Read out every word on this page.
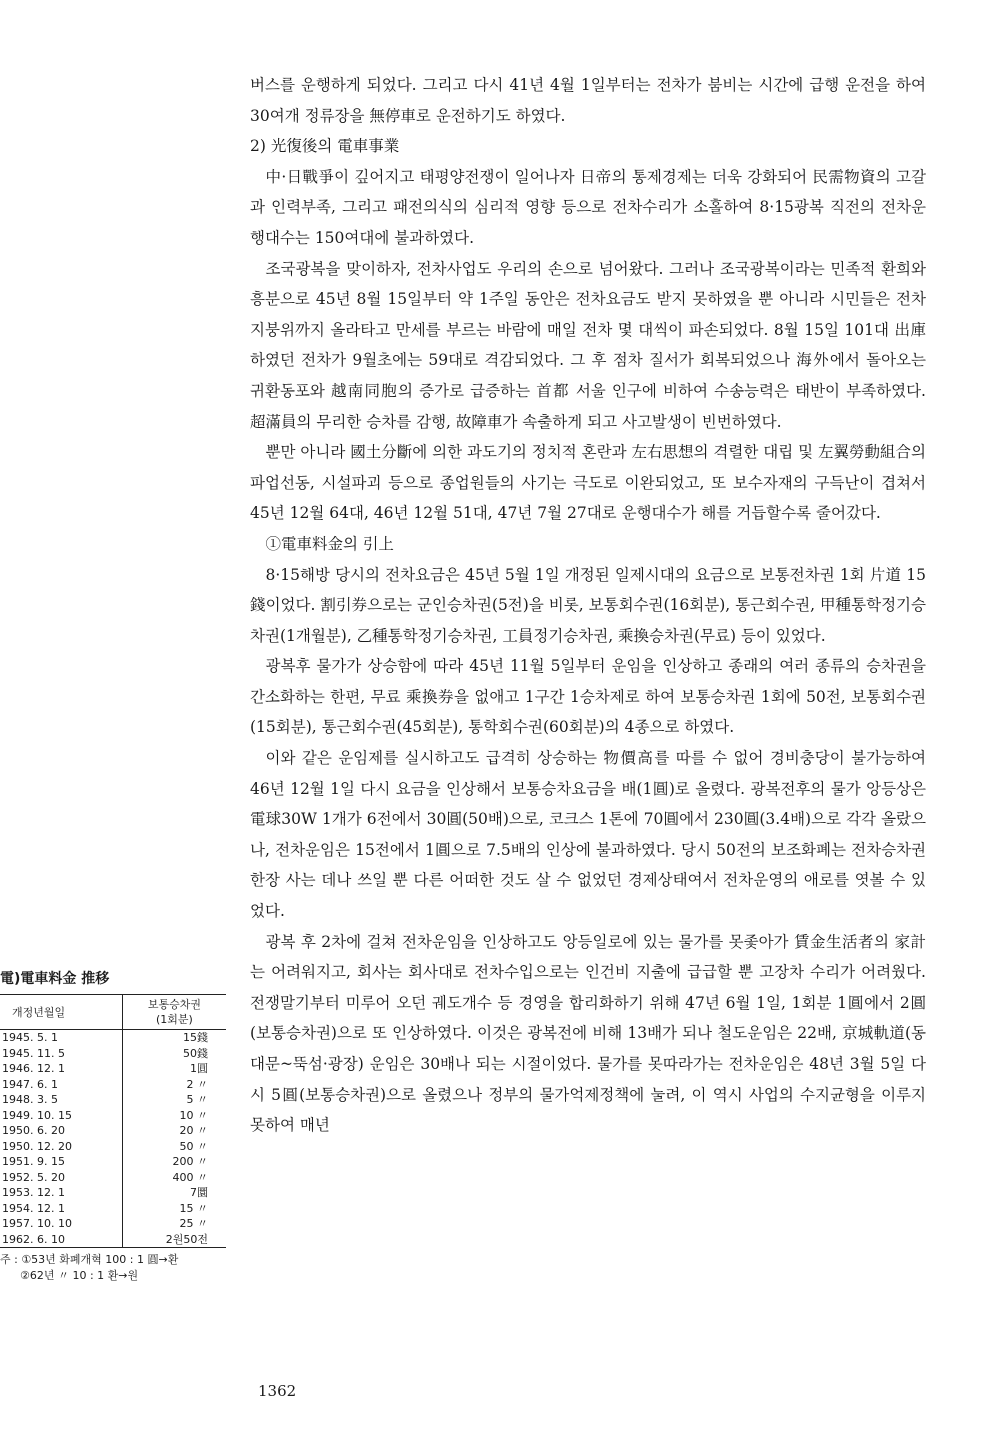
버스를 운행하게 되었다. 그리고 다시 41년 4월 1일부터는 전차가 붐비는 시간에 급행 운전을 하여 30여개 정류장을 無停車로 운전하기도 하였다.

2) 光復後의 電車事業

中·日戰爭이 깊어지고 태평양전쟁이 일어나자 日帝의 통제경제는 더욱 강화되어 民需物資의 고갈과 인력부족, 그리고 패전의식의 심리적 영향 등으로 전차수리가 소홀하여 8·15광복 직전의 전차운행대수는 150여대에 불과하였다.

조국광복을 맞이하자, 전차사업도 우리의 손으로 넘어왔다. 그러나 조국광복이라는 민족적 환희와 흥분으로 45년 8월 15일부터 약 1주일 동안은 전차요금도 받지 못하였을 뿐 아니라 시민들은 전차지붕위까지 올라타고 만세를 부르는 바람에 매일 전차 몇 대씩이 파손되었다. 8월 15일 101대 出庫하였던 전차가 9월초에는 59대로 격감되었다. 그 후 점차 질서가 회복되었으나 海外에서 돌아오는 귀환동포와 越南同胞의 증가로 급증하는 首都 서울 인구에 비하여 수송능력은 태반이 부족하였다. 超滿員의 무리한 승차를 감행, 故障車가 속출하게 되고 사고발생이 빈번하였다.

뿐만 아니라 國土分斷에 의한 과도기의 정치적 혼란과 左右思想의 격렬한 대립 및 左翼勞動組合의 파업선동, 시설파괴 등으로 종업원들의 사기는 극도로 이완되었고, 또 보수자재의 구득난이 겹쳐서 45년 12월 64대, 46년 12월 51대, 47년 7월 27대로 운행대수가 해를 거듭할수록 줄어갔다.

①電車料金의 引上

8·15해방 당시의 전차요금은 45년 5월 1일 개정된 일제시대의 요금으로 보통전차권 1회 片道 15錢이었다. 割引券으로는 군인승차권(5전)을 비롯, 보통회수권(16회분), 통근회수권, 甲種통학정기승차권(1개월분), 乙種통학정기승차권, 工員정기승차권, 乘換승차권(무료) 등이 있었다.

광복후 물가가 상승함에 따라 45년 11월 5일부터 운임을 인상하고 종래의 여러 종류의 승차권을 간소화하는 한편, 무료 乘換券을 없애고 1구간 1승차제로 하여 보통승차권 1회에 50전, 보통회수권(15회분), 통근회수권(45회분), 통학회수권(60회분)의 4종으로 하였다.

이와 같은 운임제를 실시하고도 급격히 상승하는 物價高를 따를 수 없어 경비충당이 불가능하여 46년 12월 1일 다시 요금을 인상해서 보통승차요금을 배(1圓)로 올렸다. 광복전후의 물가 앙등상은 電球30W 1개가 6전에서 30圓(50배)으로, 코크스 1톤에 70圓에서 230圓(3.4배)으로 각각 올랐으나, 전차운임은 15전에서 1圓으로 7.5배의 인상에 불과하였다. 당시 50전의 보조화폐는 전차승차권 한장 사는 데나 쓰일 뿐 다른 어떠한 것도 살 수 없었던 경제상태여서 전차운영의 애로를 엿볼 수 있었다.

광복 후 2차에 걸쳐 전차운임을 인상하고도 앙등일로에 있는 물가를 못좇아가 賃金生活者의 家計는 어려워지고, 회사는 회사대로 전차수입으로는 인건비 지출에 급급할 뿐 고장차 수리가 어려웠다. 전쟁말기부터 미루어 오던 궤도개수 등 경영을 합리화하기 위해 47년 6월 1일, 1회분 1圓에서 2圓(보통승차권)으로 또 인상하였다. 이것은 광복전에 비해 13배가 되나 철도운임은 22배, 京城軌道(동대문~뚝섬·광장) 운임은 30배나 되는 시절이었다. 물가를 못따라가는 전차운임은 48년 3월 5일 다시 5圓(보통승차권)으로 올렸으나 정부의 물가억제정책에 눌려, 이 역시 사업의 수지균형을 이루지 못하여 매년

電)電車料金 推移
개정년월일	보통승차권
(1회분)
1945. 5. 1	15錢
1945. 11. 5	50錢
1946. 12. 1	1圓
1947. 6. 1	2 〃
1948. 3. 5	5 〃
1949. 10. 15	10 〃
1950. 6. 20	20 〃
1950. 12. 20	50 〃
1951. 9. 15	200 〃
1952. 5. 20	400 〃
1953. 12. 1	7圜
1954. 12. 1	15 〃
1957. 10. 10	25 〃
1962. 6. 10	2원50전
주 : ①53년 화폐개혁 100 : 1 圓→환
②62년 〃 10 : 1 환→원
1362
